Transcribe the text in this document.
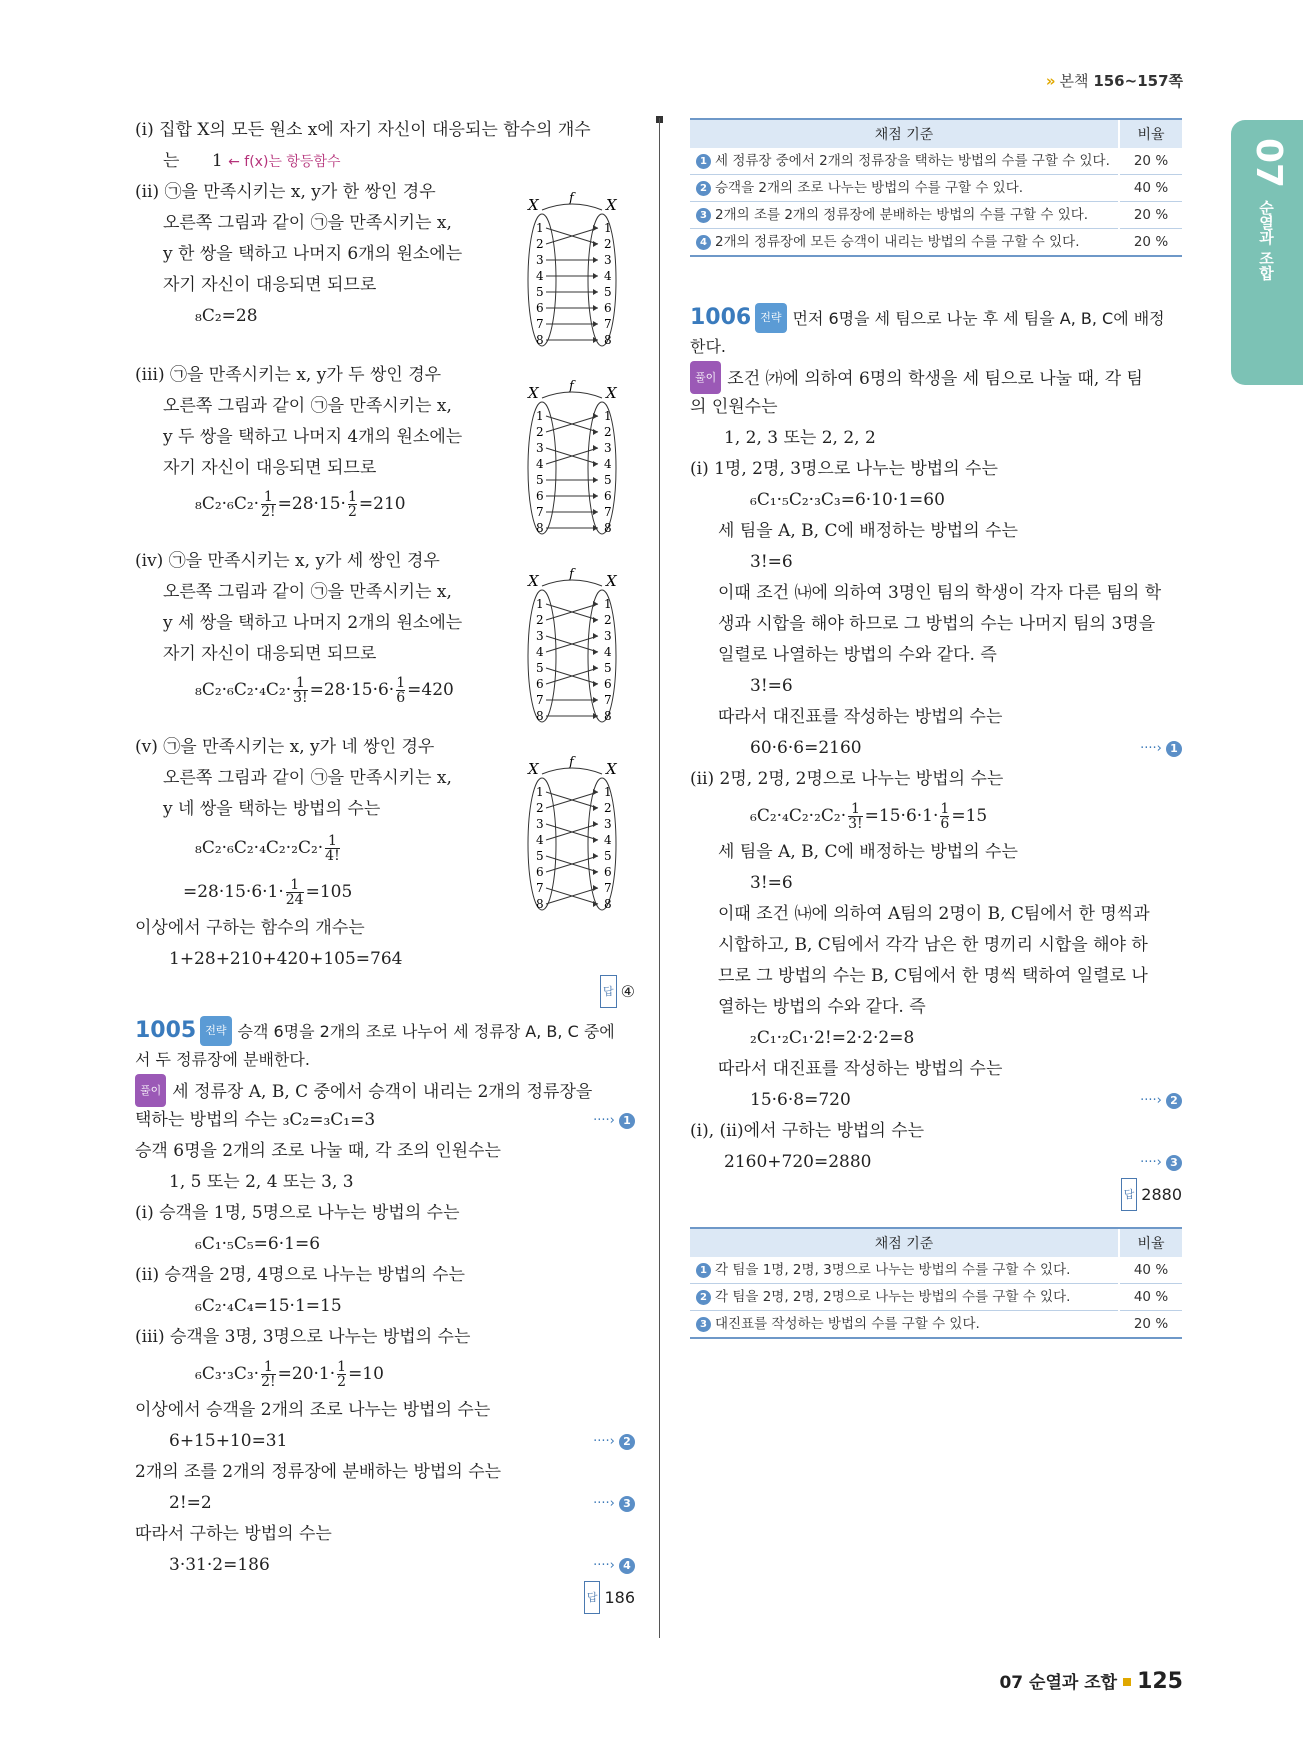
» 본책 156~157쪽
07
순열과 조합
(ⅰ) 집합 X의 모든 원소 x에 자기 자신이 대응되는 함수의 개수
는 1 ← f(x)는 항등함수
(ⅱ) ㉠을 만족시키는 x, y가 한 쌍인 경우
오른쪽 그림과 같이 ㉠을 만족시키는 x,
y 한 쌍을 택하고 나머지 6개의 원소에는
자기 자신이 대응되면 되므로
₈C₂=28
(ⅲ) ㉠을 만족시키는 x, y가 두 쌍인 경우
오른쪽 그림과 같이 ㉠을 만족시키는 x,
y 두 쌍을 택하고 나머지 4개의 원소에는
자기 자신이 대응되면 되므로
$_8C_2\cdot_6C_2\cdot \frac{1}{2!} =28\cdot 15\cdot \frac{1}{2} =210$
(ⅳ) ㉠을 만족시키는 x, y가 세 쌍인 경우
오른쪽 그림과 같이 ㉠을 만족시키는 x,
y 세 쌍을 택하고 나머지 2개의 원소에는
자기 자신이 대응되면 되므로
$_8C_2\cdot_6C_2\cdot_4C_2\cdot \frac{1}{3!} =28\cdot 15\cdot 6\cdot \frac{1}{6} =420$
(ⅴ) ㉠을 만족시키는 x, y가 네 쌍인 경우
오른쪽 그림과 같이 ㉠을 만족시키는 x,
y 네 쌍을 택하는 방법의 수는
$_8C_2\cdot_6C_2\cdot_4C_2\cdot_2C_2\cdot \frac{1}{4!}$
$=28\cdot 15\cdot 6\cdot 1\cdot \frac{1}{24} =105$
이상에서 구하는 함수의 개수는
1+28+210+420+105=764
답 ④
1005 전략 승객 6명을 2개의 조로 나누어 세 정류장 A, B, C 중에
서 두 정류장에 분배한다.
풀이 세 정류장 A, B, C 중에서 승객이 내리는 2개의 정류장을
택하는 방법의 수는 ₃C₂=₃C₁=3	····› 1
승객 6명을 2개의 조로 나눌 때, 각 조의 인원수는
1, 5 또는 2, 4 또는 3, 3
(ⅰ) 승객을 1명, 5명으로 나누는 방법의 수는
₆C₁·₅C₅=6·1=6
(ⅱ) 승객을 2명, 4명으로 나누는 방법의 수는
₆C₂·₄C₄=15·1=15
(ⅲ) 승객을 3명, 3명으로 나누는 방법의 수는
$_6C_3\cdot_3C_3\cdot \frac{1}{2!} =20\cdot 1\cdot \frac{1}{2} =10$
이상에서 승객을 2개의 조로 나누는 방법의 수는
6+15+10=31	····› 2
2개의 조를 2개의 정류장에 분배하는 방법의 수는
2!=2	····› 3
따라서 구하는 방법의 수는
3·31·2=186	····› 4
답 186
X	X
f
1	1
2	2
3	3
4	4
5	5
6	6
7	7
8	8
X	X
f
1	1
2	2
3	3
4	4
5	5
6	6
7	7
8	8
X	X
f
1	1
2	2
3	3
4	4
5	5
6	6
7	7
8	8
X	X
f
1	1
2	2
3	3
4	4
5	5
6	6
7	7
8	8
채점 기준	비율
1 세 정류장 중에서 2개의 정류장을 택하는 방법의 수를 구할 수 있다.	20 %
2 승객을 2개의 조로 나누는 방법의 수를 구할 수 있다.	40 %
3 2개의 조를 2개의 정류장에 분배하는 방법의 수를 구할 수 있다.	20 %
4 2개의 정류장에 모든 승객이 내리는 방법의 수를 구할 수 있다.	20 %
1006 전략 먼저 6명을 세 팀으로 나눈 후 세 팀을 A, B, C에 배정
한다.
풀이 조건 ㈎에 의하여 6명의 학생을 세 팀으로 나눌 때, 각 팀
의 인원수는
1, 2, 3 또는 2, 2, 2
(ⅰ) 1명, 2명, 3명으로 나누는 방법의 수는
₆C₁·₅C₂·₃C₃=6·10·1=60
세 팀을 A, B, C에 배정하는 방법의 수는
3!=6
이때 조건 ㈏에 의하여 3명인 팀의 학생이 각자 다른 팀의 학
생과 시합을 해야 하므로 그 방법의 수는 나머지 팀의 3명을
일렬로 나열하는 방법의 수와 같다. 즉
3!=6
따라서 대진표를 작성하는 방법의 수는
60·6·6=2160	····› 1
(ⅱ) 2명, 2명, 2명으로 나누는 방법의 수는
$_6C_2\cdot_4C_2\cdot_2C_2\cdot \frac{1}{3!} =15\cdot 6\cdot 1\cdot \frac{1}{6} =15$
세 팀을 A, B, C에 배정하는 방법의 수는
3!=6
이때 조건 ㈏에 의하여 A팀의 2명이 B, C팀에서 한 명씩과
시합하고, B, C팀에서 각각 남은 한 명끼리 시합을 해야 하
므로 그 방법의 수는 B, C팀에서 한 명씩 택하여 일렬로 나
열하는 방법의 수와 같다. 즉
₂C₁·₂C₁·2!=2·2·2=8
따라서 대진표를 작성하는 방법의 수는
15·6·8=720	····› 2
(ⅰ), (ⅱ)에서 구하는 방법의 수는
2160+720=2880	····› 3
답 2880
채점 기준	비율
1 각 팀을 1명, 2명, 3명으로 나누는 방법의 수를 구할 수 있다.	40 %
2 각 팀을 2명, 2명, 2명으로 나누는 방법의 수를 구할 수 있다.	40 %
3 대진표를 작성하는 방법의 수를 구할 수 있다.	20 %
07 순열과 조합 125
